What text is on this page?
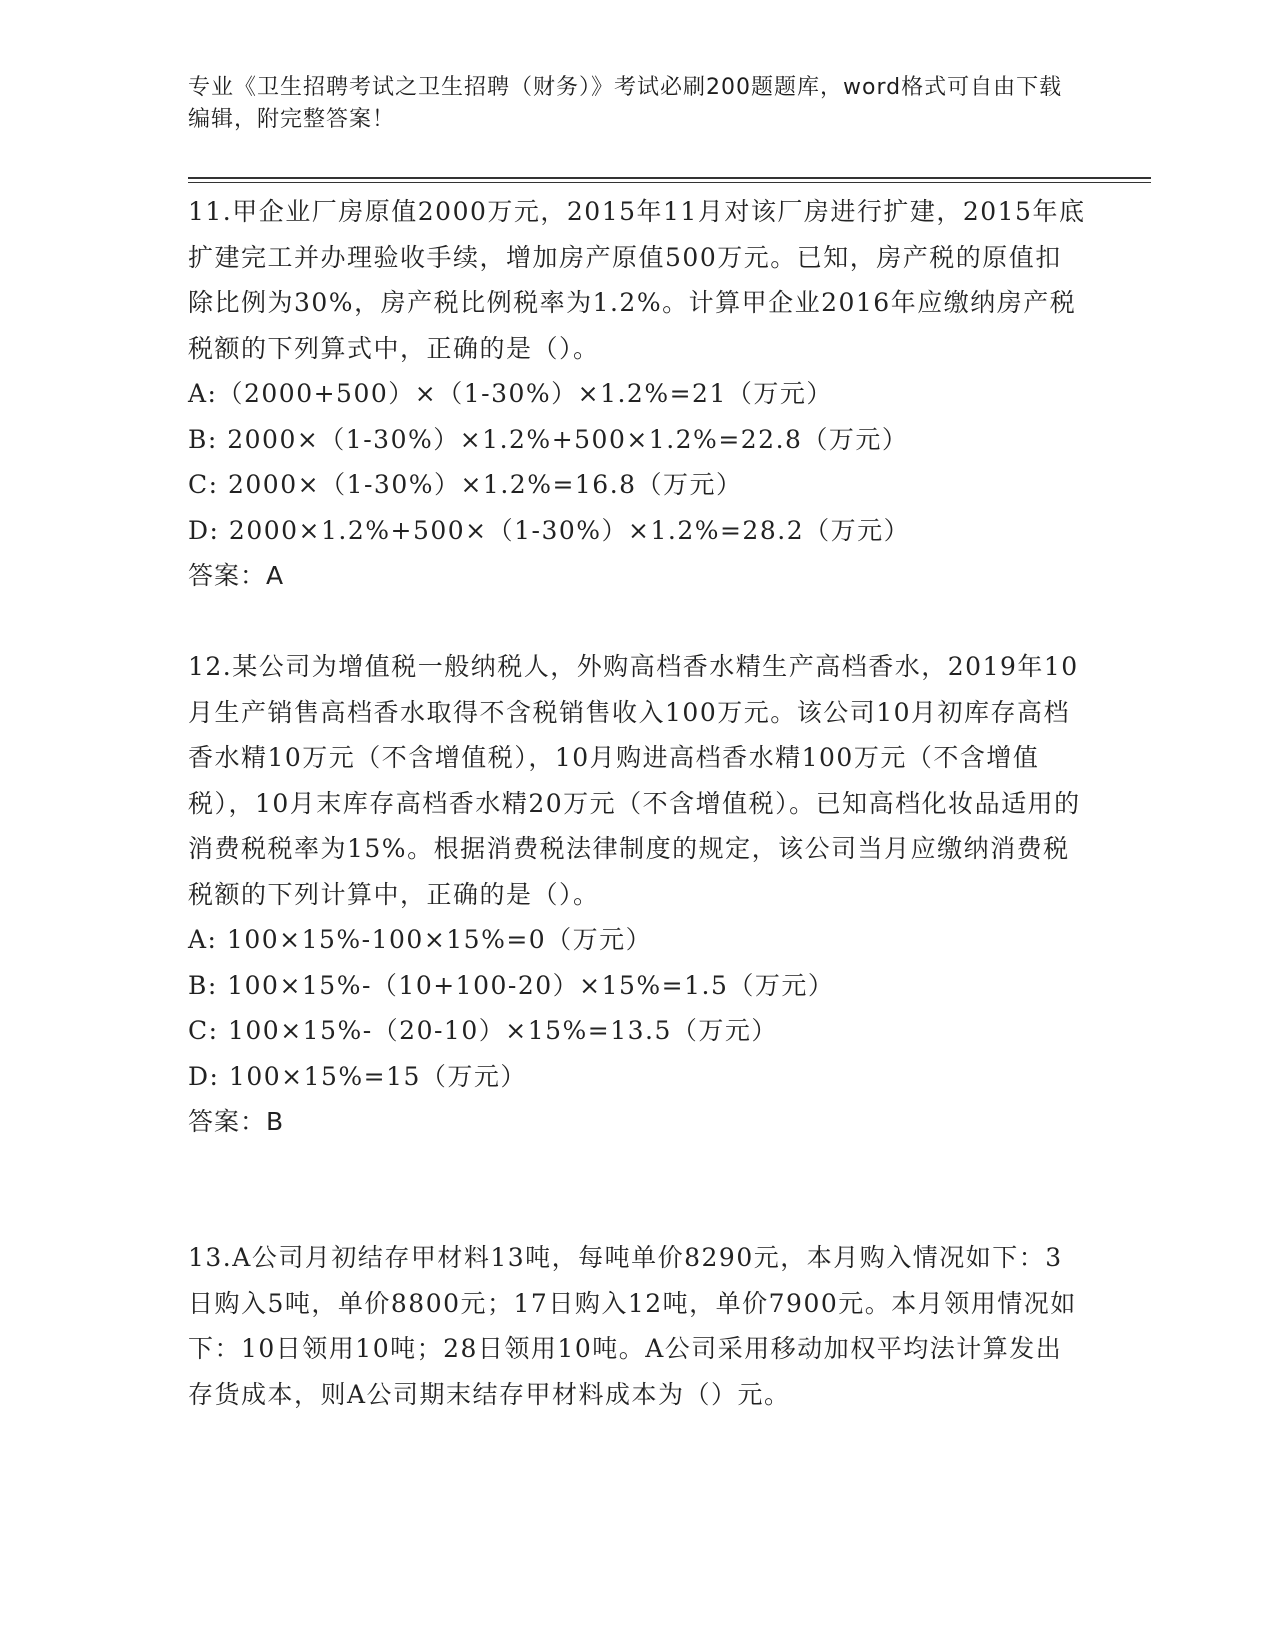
专业《卫生招聘考试之卫生招聘（财务）》考试必刷200题题库，word格式可自由下载编辑，附完整答案！

11.甲企业厂房原值2000万元，2015年11月对该厂房进行扩建，2015年底扩建完工并办理验收手续，增加房产原值500万元。已知，房产税的原值扣除比例为30%，房产税比例税率为1.2%。计算甲企业2016年应缴纳房产税税额的下列算式中，正确的是（）。

A:（2000+500）×（1-30%）×1.2%=21（万元）

B: 2000×（1-30%）×1.2%+500×1.2%=22.8（万元）

C: 2000×（1-30%）×1.2%=16.8（万元）

D: 2000×1.2%+500×（1-30%）×1.2%=28.2（万元）

答案：A

12.某公司为增值税一般纳税人，外购高档香水精生产高档香水，2019年10月生产销售高档香水取得不含税销售收入100万元。该公司10月初库存高档香水精10万元（不含增值税），10月购进高档香水精100万元（不含增值税），10月末库存高档香水精20万元（不含增值税）。已知高档化妆品适用的消费税税率为15%。根据消费税法律制度的规定，该公司当月应缴纳消费税税额的下列计算中，正确的是（）。

A: 100×15%-100×15%=0（万元）

B: 100×15%-（10+100-20）×15%=1.5（万元）

C: 100×15%-（20-10）×15%=13.5（万元）

D: 100×15%=15（万元）

答案：B

13.A公司月初结存甲材料13吨，每吨单价8290元，本月购入情况如下：3日购入5吨，单价8800元；17日购入12吨，单价7900元。本月领用情况如下：10日领用10吨；28日领用10吨。A公司采用移动加权平均法计算发出存货成本，则A公司期末结存甲材料成本为（）元。
